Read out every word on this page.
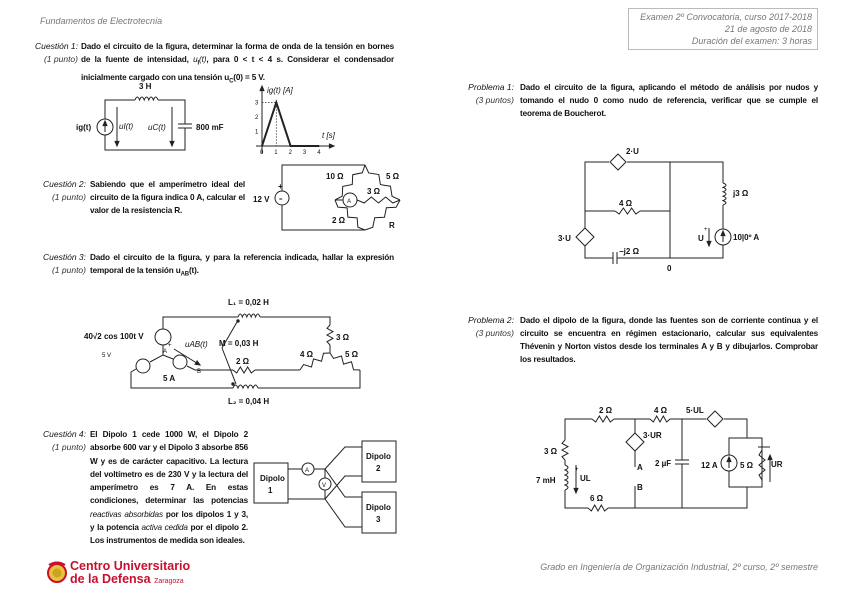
Fundamentos de Electrotecnia	Examen 2º Convocatoria, curso 2017-2018
21 de agosto de 2018
Duración del examen: 3 horas
Cuestión 1:
(1 punto)
Dado el circuito de la figura, determinar la forma de onda de la tensión en bornes de la fuente de intensidad, $u_I(t)$, para 0 < t < 4 s. Considerar el condensador inicialmente cargado con una tensión $u_C(0) = 5$ V.
Cuestión 2:
(1 punto)
Sabiendo que el amperímetro ideal del circuito de la figura indica 0 A, calcular el valor de la resistencia R.
Cuestión 3:
(1 punto)
Dado el circuito de la figura, y para la referencia indicada, hallar la expresión temporal de la tensión $u_{AB}(t)$.
Cuestión 4:
(1 punto)
El Dipolo 1 cede 1000 W, el Dipolo 2 absorbe 600 var y el Dipolo 3 absorbe 856 W y es de carácter capacitivo. La lectura del voltímetro es de 230 V y la lectura del amperímetro es 7 A. En estas condiciones, determinar las potencias reactivas absorbidas por los dipolos 1 y 3, y la potencia activa cedida por el dipolo 2. Los instrumentos de medida son ideales.
Problema 1:
(3 puntos)
Dado el circuito de la figura, aplicando el método de análisis por nudos y tomando el nudo 0 como nudo de referencia, verificar que se cumple el teorema de Boucherot.
Problema 2:
(3 puntos)
Dado el dipolo de la figura, donde las fuentes son de corriente continua y el circuito se encuentra en régimen estacionario, calcular sus equivalentes Thévenin y Norton vistos desde los terminales A y B y dibujarlos. Comprobar los resultados.
Centro Universitario
de la Defensa Zaragoza
Grado en Ingeniería de Organización Industrial, 2º curso, 2º semestre
3 H
ig(t)	uI(t) uC(t)	800 mF
ig(t) [A]
t [s]
0 1 2 3 4
1
2
3
12 V
+
=
10 Ω	5 Ω
3 Ω
2 Ω
R
A
L₁ = 0,02 H
L₂ = 0,04 H
M = 0,03 H
40√2 cos 100t V
5 V
5 A
uAB(t)
3 Ω
4 Ω	5 Ω
2 Ω
A
B
+
Dipolo
1
Dipolo
2
Dipolo
3
A
V
2·U
4 Ω
j3 Ω
3·U
−j2 Ω
0
U	10|0º A
+
2 Ω	4 Ω 5·UL
3·UR
3 Ω
7 mH	UL
A
B
2 µF	12 A	5 Ω UR
6 Ω
+
